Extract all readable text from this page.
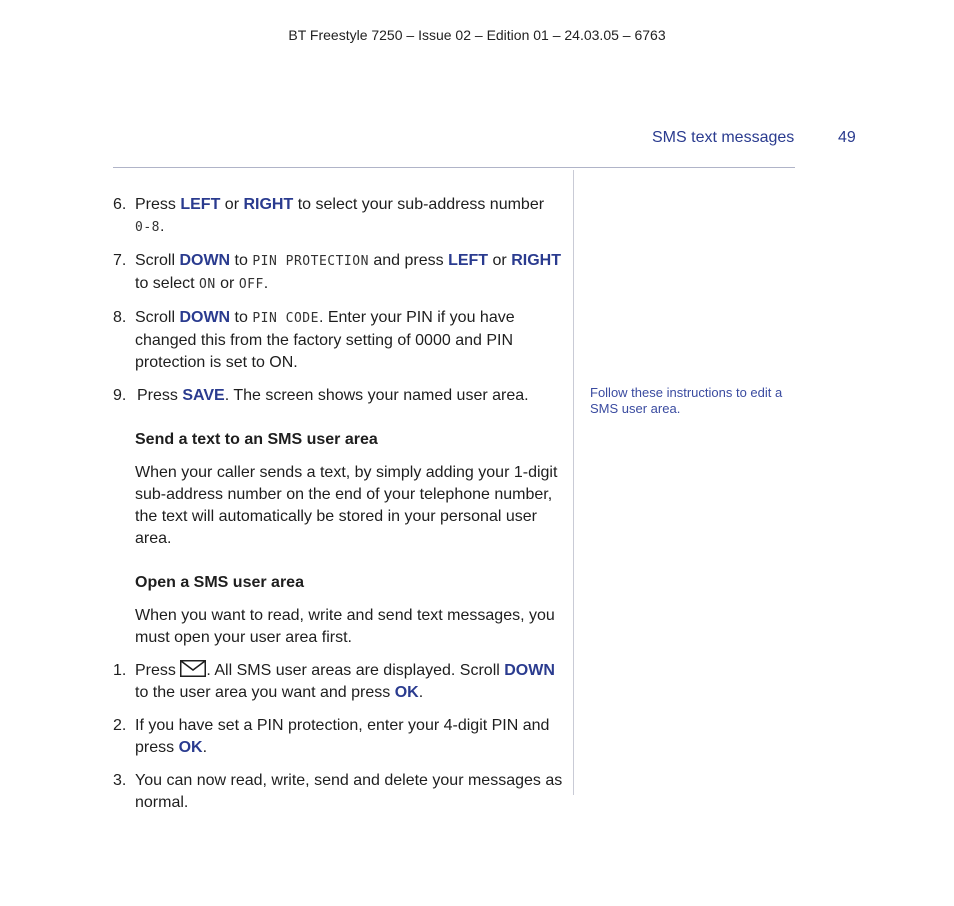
BT Freestyle 7250 – Issue 02 – Edition 01 – 24.03.05 – 6763
SMS text messages	49
6. Press LEFT or RIGHT to select your sub-address number 0-8.
7. Scroll DOWN to PIN PROTECTION and press LEFT or RIGHT to select ON or OFF.
8. Scroll DOWN to PIN CODE. Enter your PIN if you have changed this from the factory setting of 0000 and PIN protection is set to ON.
9. Press SAVE. The screen shows your named user area.
Send a text to an SMS user area
When your caller sends a text, by simply adding your 1-digit sub-address number on the end of your telephone number, the text will automatically be stored in your personal user area.
Open a SMS user area
When you want to read, write and send text messages, you must open your user area first.
1. Press . All SMS user areas are displayed. Scroll DOWN to the user area you want and press OK.
2. If you have set a PIN protection, enter your 4-digit PIN and press OK.
3. You can now read, write, send and delete your messages as normal.
Follow these instructions to edit a SMS user area.
